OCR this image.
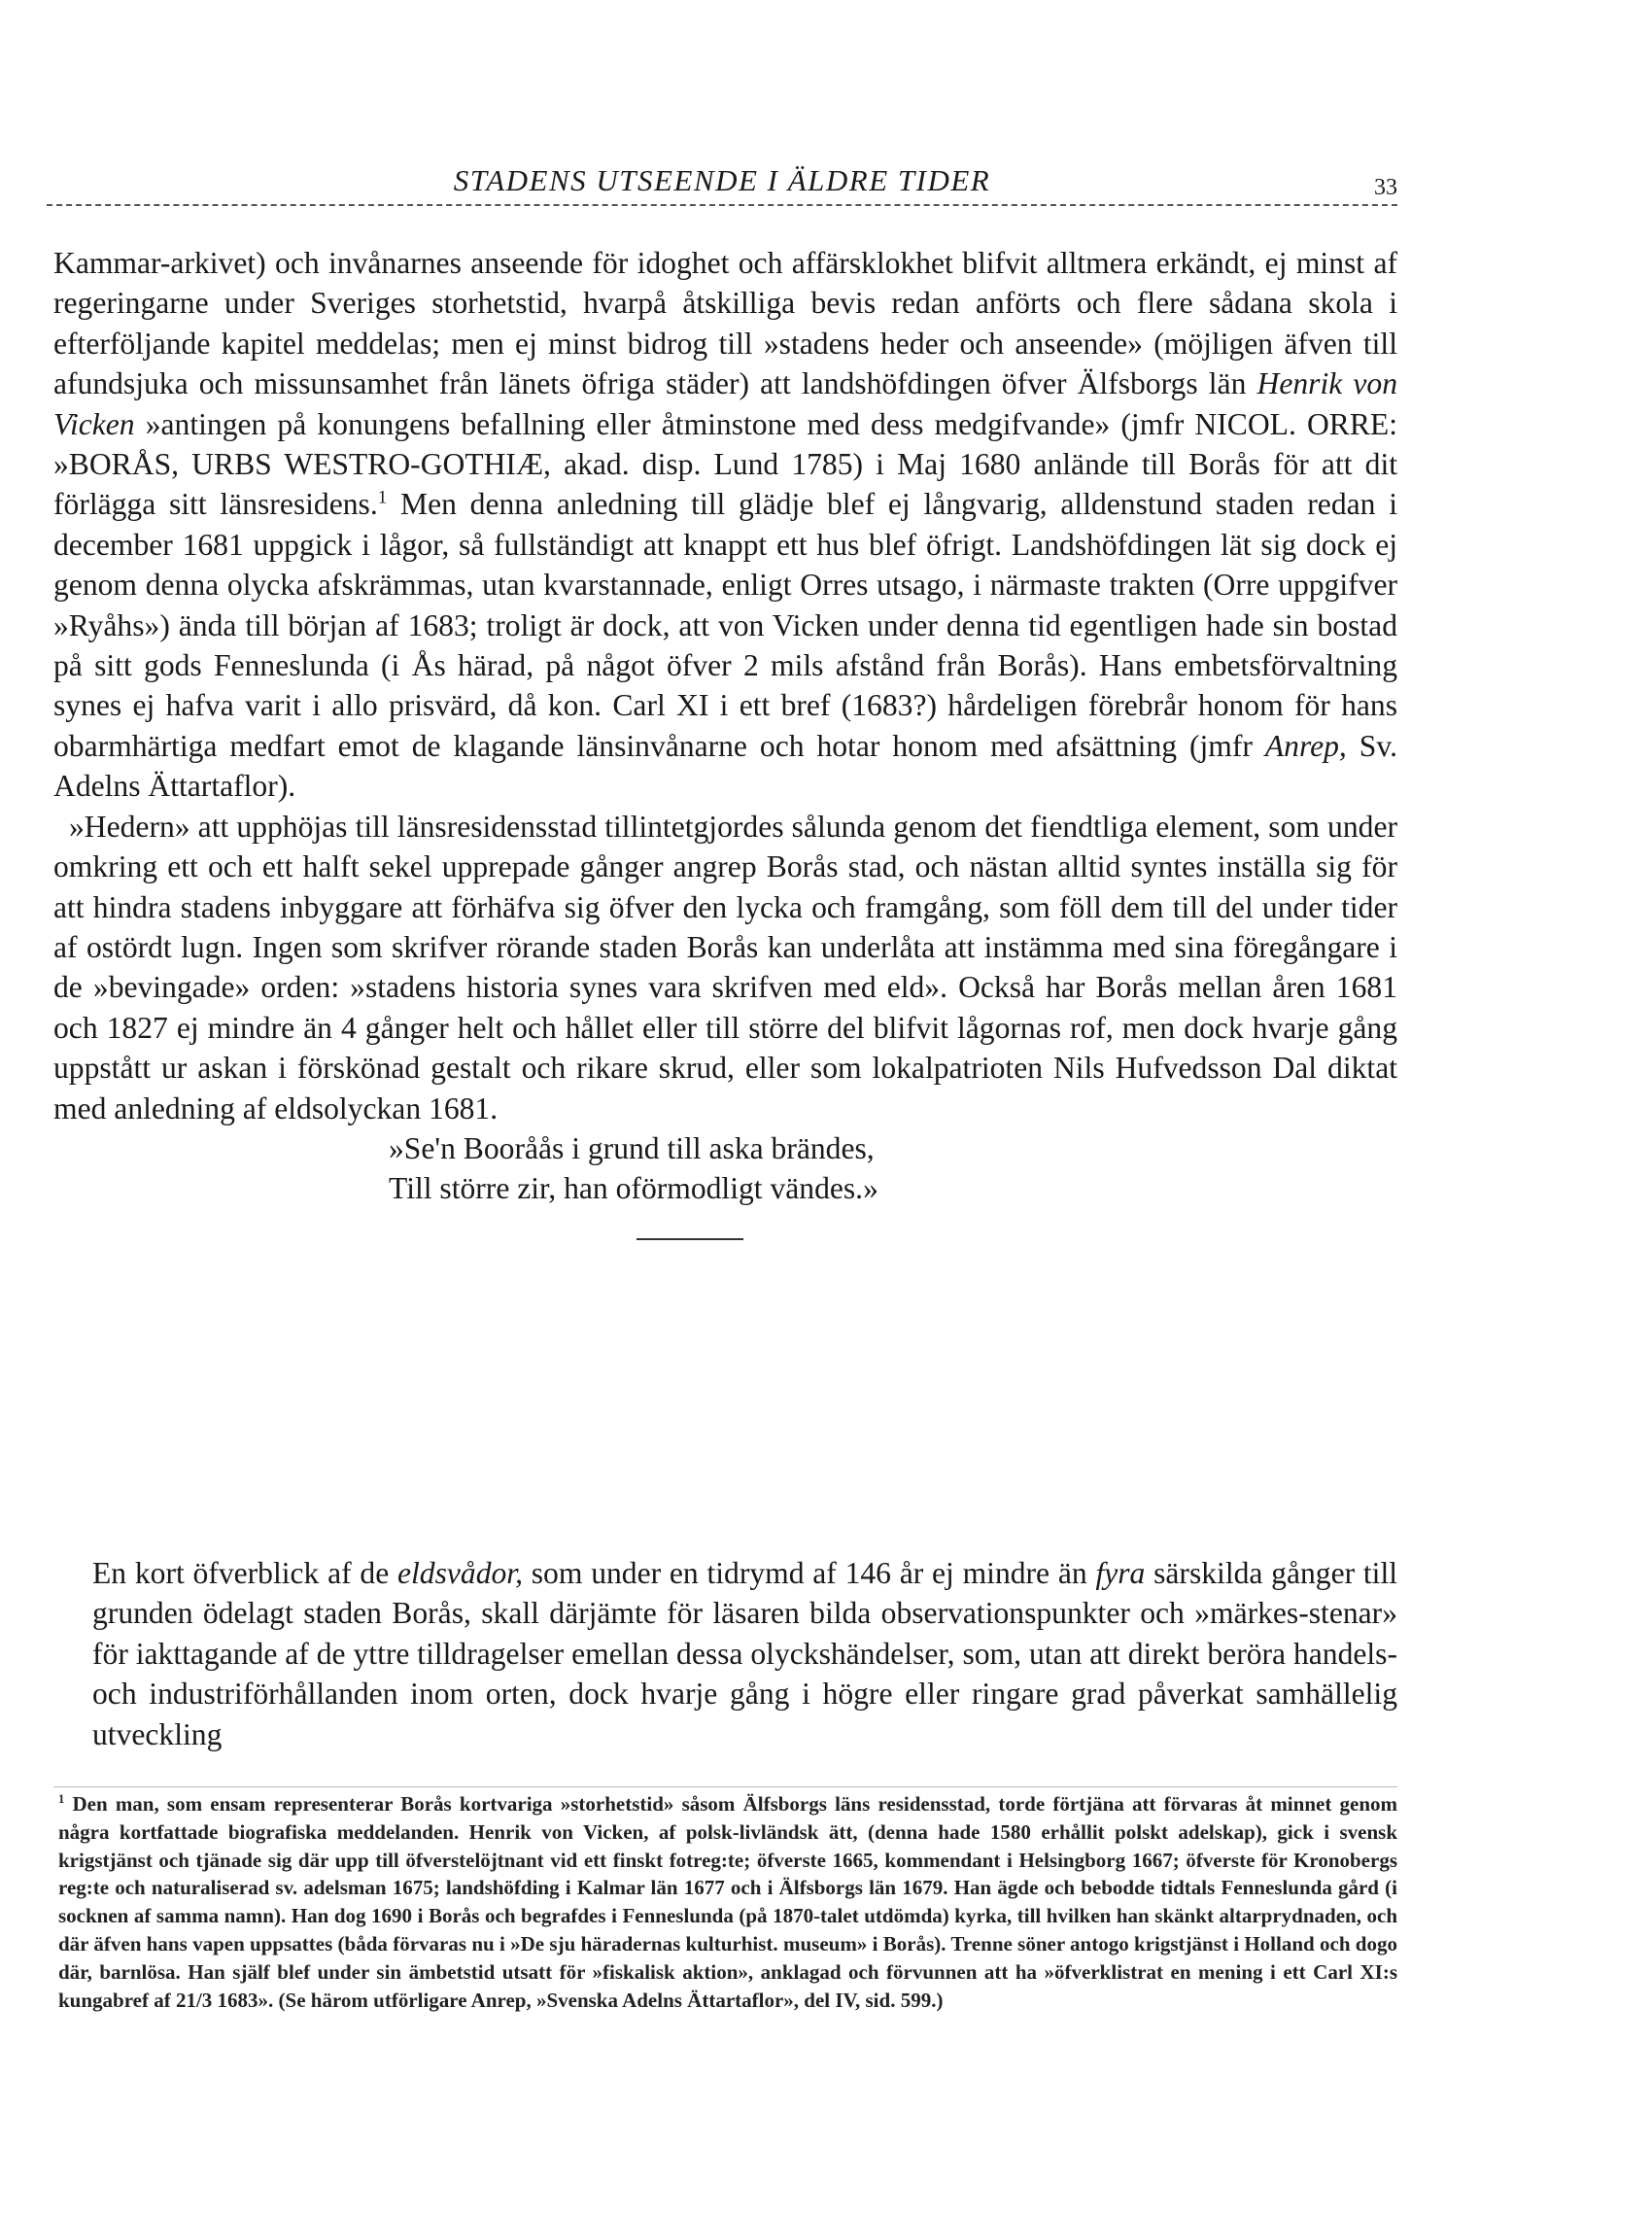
STADENS UTSEENDE I ÄLDRE TIDER	33

Kammar-arkivet) och invånarnes anseende för idoghet och affärsklokhet blifvit alltmera erkändt, ej minst af regeringarne under Sveriges storhetstid, hvarpå åtskilliga bevis redan anförts och flere sådana skola i efterföljande kapitel meddelas; men ej minst bidrog till »stadens heder och anseende» (möjligen äfven till afundsjuka och missunsamhet från länets öfriga städer) att landshöfdingen öfver Älfsborgs län Henrik von Vicken »antingen på konungens befallning eller åtminstone med dess medgifvande» (jmfr NICOL. ORRE: »BORÅS, URBS WESTRO-GOTHIÆ, akad. disp. Lund 1785) i Maj 1680 anlände till Borås för att dit förlägga sitt länsresidens.$^1$ Men denna anledning till glädje blef ej långvarig, alldenstund staden redan i december 1681 uppgick i lågor, så fullständigt att knappt ett hus blef öfrigt. Landshöfdingen lät sig dock ej genom denna olycka afskrämmas, utan kvarstannade, enligt Orres utsago, i närmaste trakten (Orre uppgifver »Ryåhs») ända till början af 1683; troligt är dock, att von Vicken under denna tid egentligen hade sin bostad på sitt gods Fenneslunda (i Ås härad, på något öfver 2 mils afstånd från Borås). Hans embetsförvaltning synes ej hafva varit i allo prisvärd, då kon. Carl XI i ett bref (1683?) hårdeligen förebrår honom för hans obarmhärtiga medfart emot de klagande länsinvånarne och hotar honom med afsättning (jmfr Anrep, Sv. Adelns Ättartaflor).

»Hedern» att upphöjas till länsresidensstad tillintetgjordes sålunda genom det fiendtliga element, som under omkring ett och ett halft sekel upprepade gånger angrep Borås stad, och nästan alltid syntes inställa sig för att hindra stadens inbyggare att förhäfva sig öfver den lycka och framgång, som föll dem till del under tider af ostördt lugn. Ingen som skrifver rörande staden Borås kan underlåta att instämma med sina föregångare i de »bevingade» orden: »stadens historia synes vara skrifven med eld». Också har Borås mellan åren 1681 och 1827 ej mindre än 4 gånger helt och hållet eller till större del blifvit lågornas rof, men dock hvarje gång uppstått ur askan i förskönad gestalt och rikare skrud, eller som lokalpatrioten Nils Hufvedsson Dal diktat med anledning af eldsolyckan 1681.

»Se'n Booråås i grund till aska brändes,
Till större zir, han oförmodligt vändes.»

En kort öfverblick af de eldsvådor, som under en tidrymd af 146 år ej mindre än fyra särskilda gånger till grunden ödelagt staden Borås, skall därjämte för läsaren bilda observationspunkter och »märkes-stenar» för iakttagande af de yttre tilldragelser emellan dessa olyckshändelser, som, utan att direkt beröra handels- och industriförhållanden inom orten, dock hvarje gång i högre eller ringare grad påverkat samhällelig utveckling

$^1$ Den man, som ensam representerar Borås kortvariga »storhetstid» såsom Älfsborgs läns residensstad, torde förtjäna att förvaras åt minnet genom några kortfattade biografiska meddelanden. Henrik von Vicken, af polsk-livländsk ätt, (denna hade 1580 erhållit polskt adelskap), gick i svensk krigstjänst och tjänade sig där upp till öfverstelöjtnant vid ett finskt fotreg:te; öfverste 1665, kommendant i Helsingborg 1667; öfverste för Kronobergs reg:te och naturaliserad sv. adelsman 1675; landshöfding i Kalmar län 1677 och i Älfsborgs län 1679. Han ägde och bebodde tidtals Fenneslunda gård (i socknen af samma namn). Han dog 1690 i Borås och begrafdes i Fenneslunda (på 1870-talet utdömda) kyrka, till hvilken han skänkt altarprydnaden, och där äfven hans vapen uppsattes (båda förvaras nu i »De sju häradernas kulturhist. museum» i Borås). Trenne söner antogo krigstjänst i Holland och dogo där, barnlösa. Han själf blef under sin ämbetstid utsatt för »fiskalisk aktion», anklagad och förvunnen att ha »öfverklistrat en mening i ett Carl XI:s kungabref af 21/3 1683». (Se härom utförligare Anrep, »Svenska Adelns Ättartaflor», del IV, sid. 599.)
